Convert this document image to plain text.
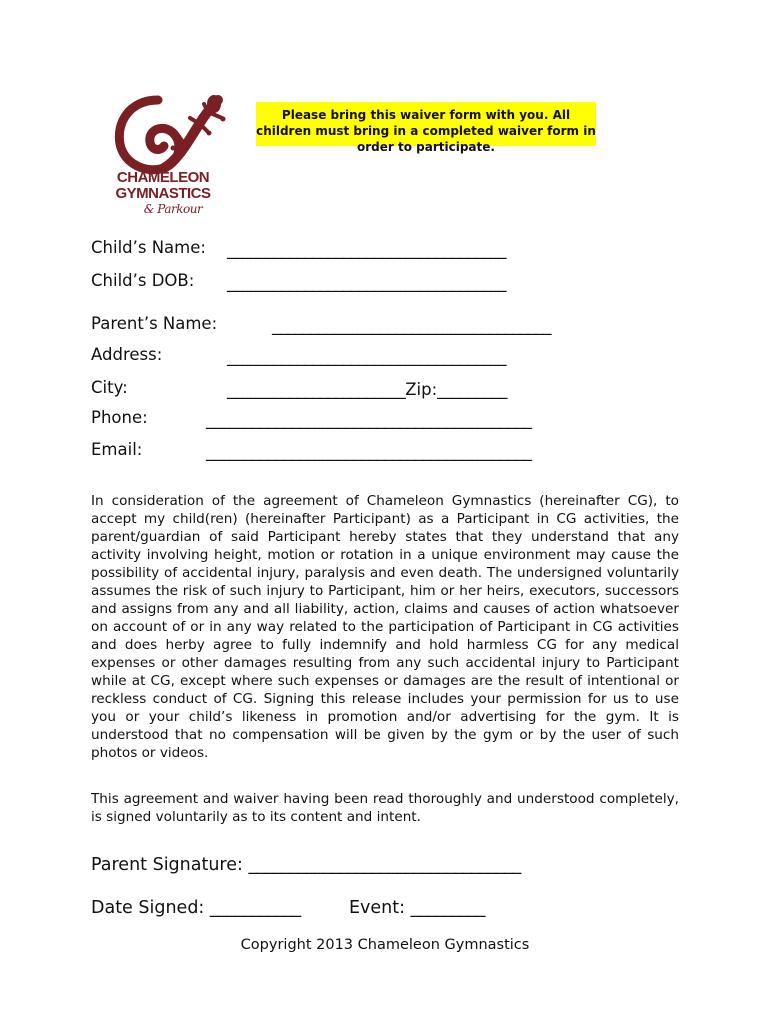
CHAMELEON
GYMNASTICS
& Parkour
Please bring this waiver form with you. All children must bring in a completed waiver form in order to participate.
Child’s Name: ____________________________________
Child’s DOB: ____________________________________
Parent’s Name:	____________________________________
Address:	____________________________________
City:	_______________________Zip:_________
Phone:	__________________________________________
Email:	__________________________________________
In consideration of the agreement of Chameleon Gymnastics (hereinafter CG), to accept my child(ren) (hereinafter Participant) as a Participant in CG activities, the parent/guardian of said Participant hereby states that they understand that any activity involving height, motion or rotation in a unique environment may cause the possibility of accidental injury, paralysis and even death. The undersigned voluntarily assumes the risk of such injury to Participant, him or her heirs, executors, successors and assigns from any and all liability, action, claims and causes of action whatsoever on account of or in any way related to the participation of Participant in CG activities and does herby agree to fully indemnify and hold harmless CG for any medical expenses or other damages resulting from any such accidental injury to Participant while at CG, except where such expenses or damages are the result of intentional or reckless conduct of CG. Signing this release includes your permission for us to use you or your child’s likeness in promotion and/or advertising for the gym. It is understood that no compensation will be given by the gym or by the user of such photos or videos.
This agreement and waiver having been read thoroughly and understood completely, is signed voluntarily as to its content and intent.
Parent Signature: _________________________________
Date Signed: ___________	Event: _________
Copyright 2013 Chameleon Gymnastics
